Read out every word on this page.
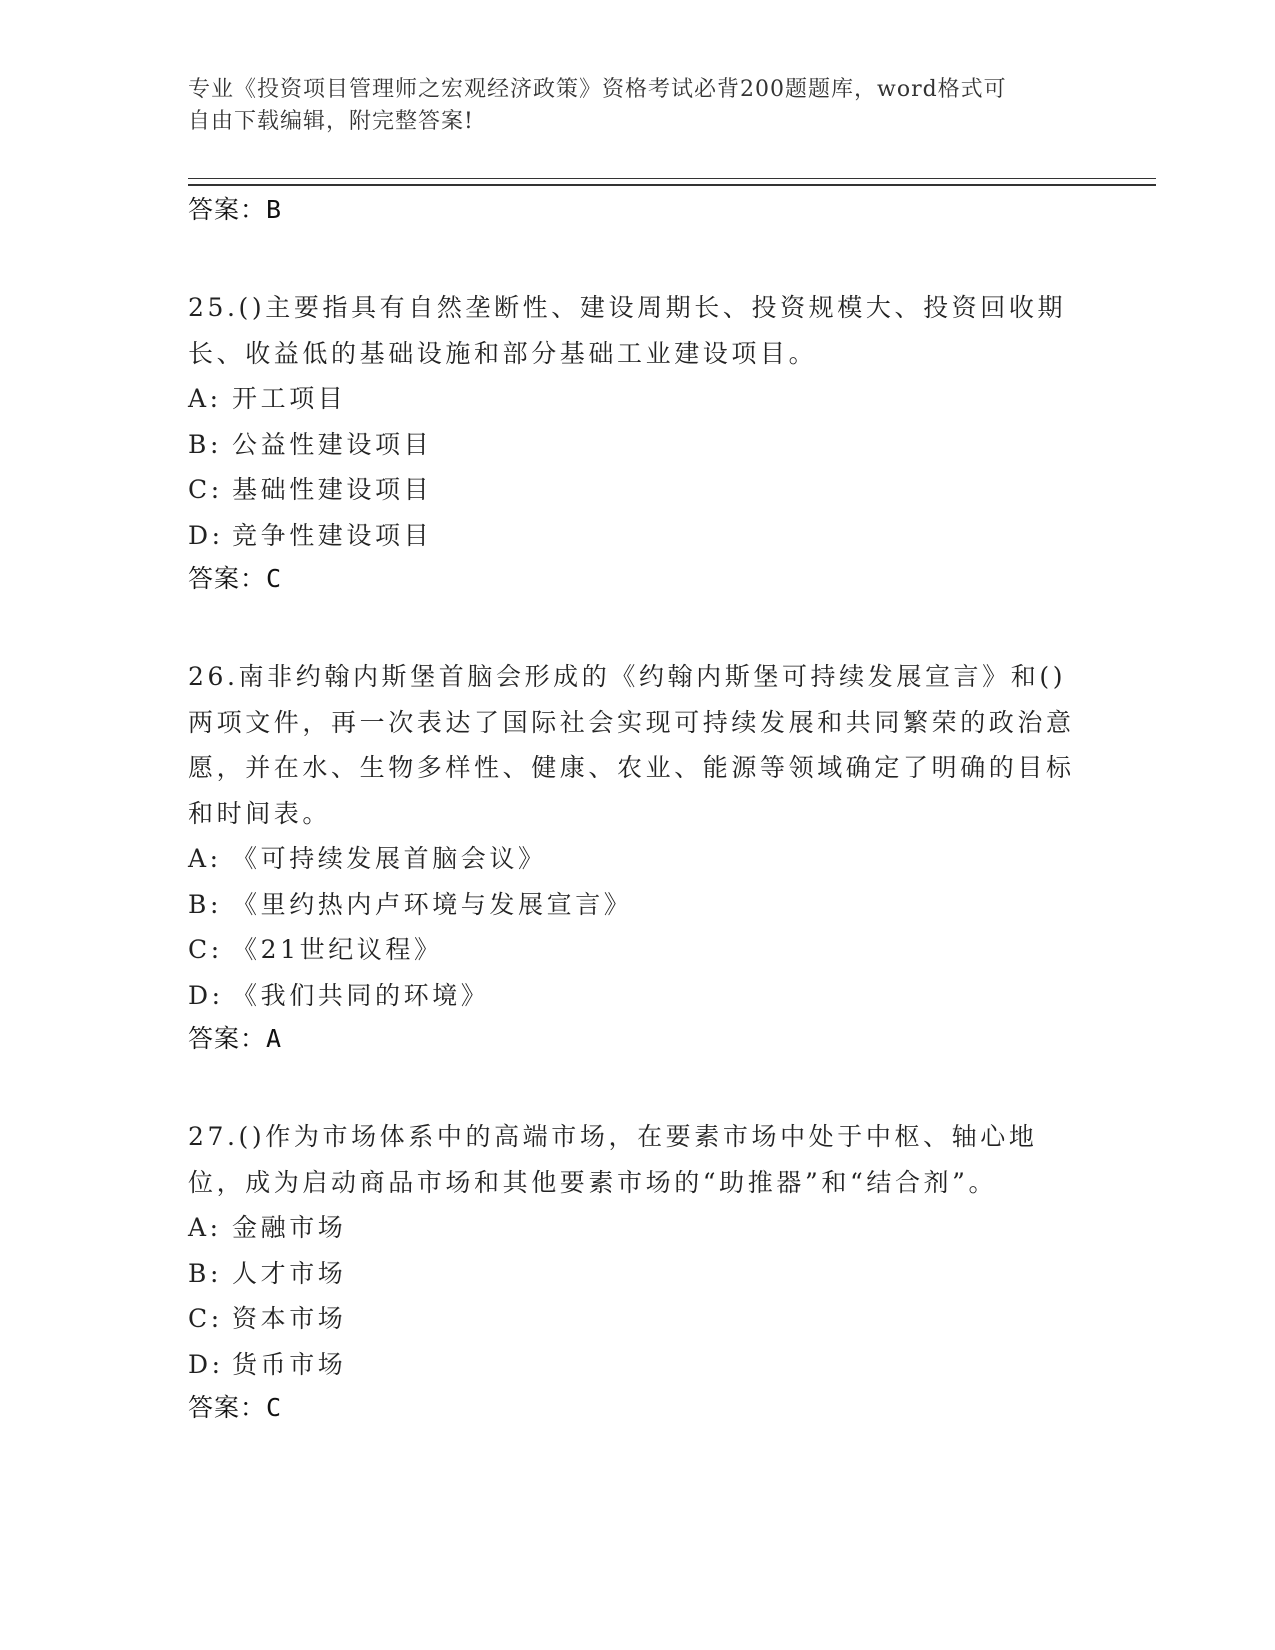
专业《投资项目管理师之宏观经济政策》资格考试必背200题题库，word格式可
自由下载编辑，附完整答案!
答案：B
25.()主要指具有自然垄断性、建设周期长、投资规模大、投资回收期长、收益低的基础设施和部分基础工业建设项目。
A: 开工项目
B: 公益性建设项目
C: 基础性建设项目
D: 竞争性建设项目
答案：C
26.南非约翰内斯堡首脑会形成的《约翰内斯堡可持续发展宣言》和()两项文件，再一次表达了国际社会实现可持续发展和共同繁荣的政治意愿，并在水、生物多样性、健康、农业、能源等领域确定了明确的目标和时间表。
A: 《可持续发展首脑会议》
B: 《里约热内卢环境与发展宣言》
C: 《21世纪议程》
D: 《我们共同的环境》
答案：A
27.()作为市场体系中的高端市场，在要素市场中处于中枢、轴心地位，成为启动商品市场和其他要素市场的“助推器”和“结合剂”。
A: 金融市场
B: 人才市场
C: 资本市场
D: 货币市场
答案：C
